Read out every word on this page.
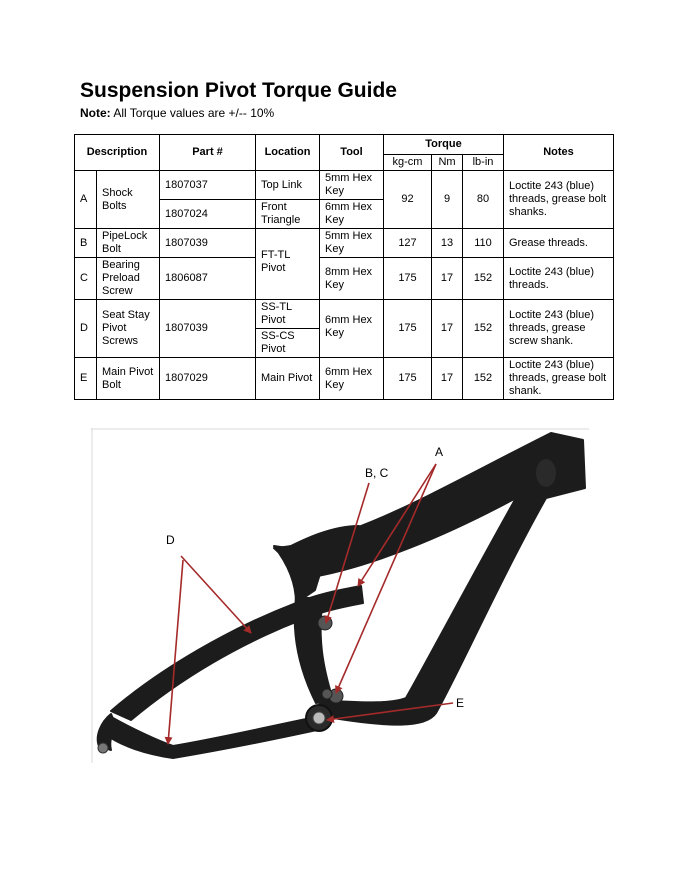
Suspension Pivot Torque Guide
Note: All Torque values are +/-- 10%
Description		Part #	Location	Tool	Torque			Notes
					kg-cm	Nm	lb-in	
A	Shock Bolts	1807037	Top Link	5mm Hex Key	92	9	80	Loctite 243 (blue) threads, grease bolt shanks.
		1807024	Front Triangle	6mm Hex Key				
B	PipeLock Bolt	1807039	FT-TL Pivot	5mm Hex Key	127	13	110	Grease threads.
C	Bearing Preload Screw	1806087		8mm Hex Key	175	17	152	Loctite 243 (blue) threads.
D	Seat Stay Pivot Screws	1807039	SS-TL Pivot	6mm Hex Key	175	17	152	Loctite 243 (blue) threads, grease screw shank.
			SS-CS Pivot					
E	Main Pivot Bolt	1807029	Main Pivot	6mm Hex Key	175	17	152	Loctite 243 (blue) threads, grease bolt shank.
A
B, C
D
E
